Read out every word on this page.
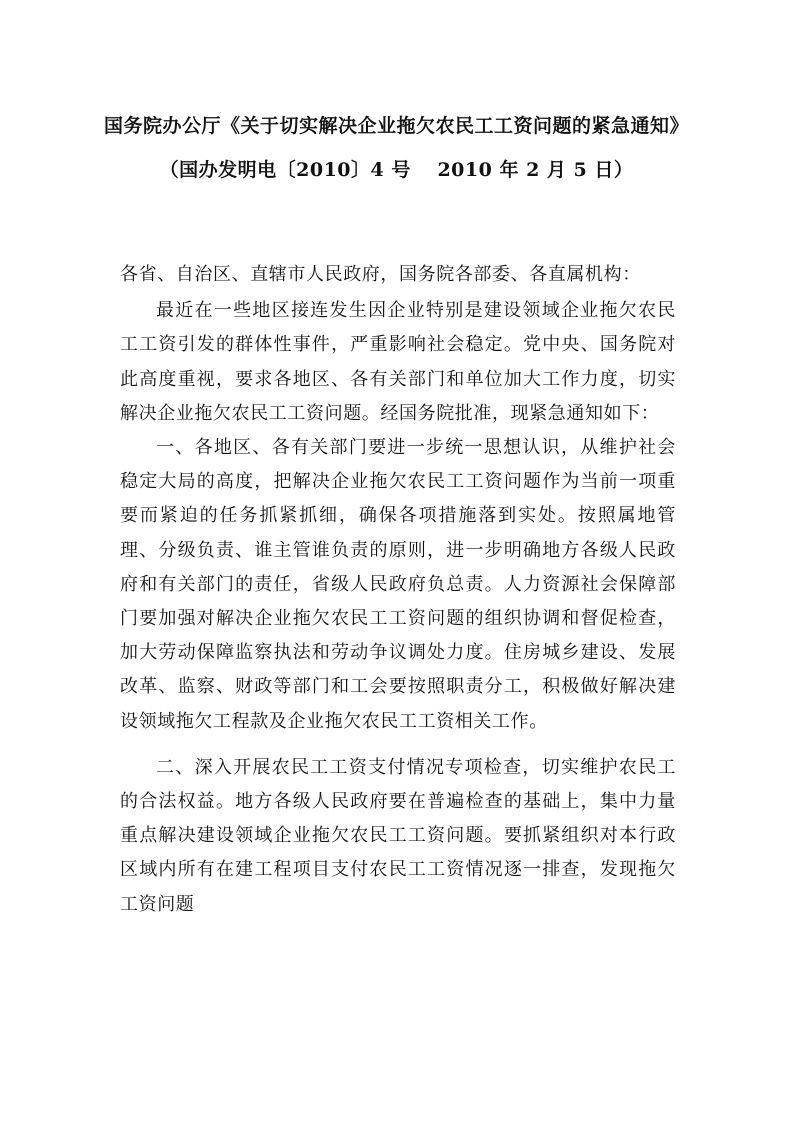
国务院办公厅《关于切实解决企业拖欠农民工工资问题的紧急通知》
（国办发明电〔2010〕4 号　 2010 年 2 月 5 日）

各省、自治区、直辖市人民政府，国务院各部委、各直属机构：

最近在一些地区接连发生因企业特别是建设领域企业拖欠农民工工资引发的群体性事件，严重影响社会稳定。党中央、国务院对此高度重视，要求各地区、各有关部门和单位加大工作力度，切实解决企业拖欠农民工工资问题。经国务院批准，现紧急通知如下：

一、各地区、各有关部门要进一步统一思想认识，从维护社会稳定大局的高度，把解决企业拖欠农民工工资问题作为当前一项重要而紧迫的任务抓紧抓细，确保各项措施落到实处。按照属地管理、分级负责、谁主管谁负责的原则，进一步明确地方各级人民政府和有关部门的责任，省级人民政府负总责。人力资源社会保障部门要加强对解决企业拖欠农民工工资问题的组织协调和督促检查，加大劳动保障监察执法和劳动争议调处力度。住房城乡建设、发展改革、监察、财政等部门和工会要按照职责分工，积极做好解决建设领域拖欠工程款及企业拖欠农民工工资相关工作。

二、深入开展农民工工资支付情况专项检查，切实维护农民工的合法权益。地方各级人民政府要在普遍检查的基础上，集中力量重点解决建设领域企业拖欠农民工工资问题。要抓紧组织对本行政区域内所有在建工程项目支付农民工工资情况逐一排查，发现拖欠工资问题
